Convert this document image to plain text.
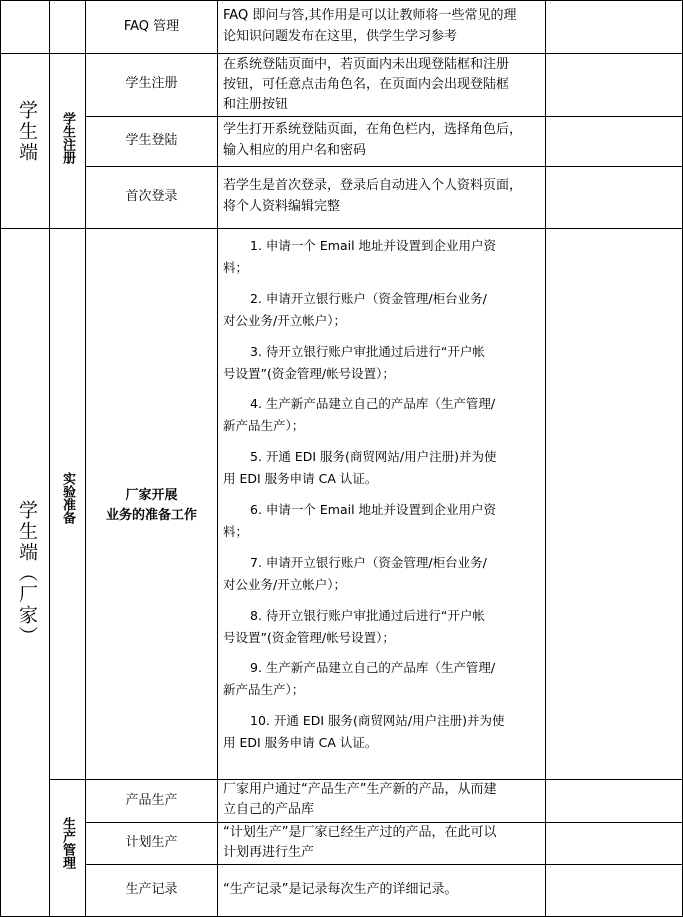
FAQ 管理
FAQ 即问与答,其作用是可以让教师将一些常见的理
论知识问题发布在这里，供学生学习参考
学生端 学生注册
学生注册
在系统登陆页面中，若页面内未出现登陆框和注册
按钮，可任意点击角色名，在页面内会出现登陆框
和注册按钮
学生登陆
学生打开系统登陆页面，在角色栏内，选择角色后，
输入相应的用户名和密码
首次登录
若学生是首次登录，登录后自动进入个人资料页面，
将个人资料编辑完整
学生端（厂家）
实验准备
生产管理
厂家开展
业务的准备工作
1. 申请一个 Email 地址并设置到企业用户资
料；
2. 申请开立银行账户（资金管理/柜台业务/
对公业务/开立帐户）；
3. 待开立银行账户审批通过后进行“开户帐
号设置”(资金管理/帐号设置）；
4. 生产新产品建立自己的产品库（生产管理/
新产品生产）；
5. 开通 EDI 服务(商贸网站/用户注册)并为使
用 EDI 服务申请 CA 认证。
6. 申请一个 Email 地址并设置到企业用户资
料；
7. 申请开立银行账户（资金管理/柜台业务/
对公业务/开立帐户）；
8. 待开立银行账户审批通过后进行“开户帐
号设置”(资金管理/帐号设置）；
9. 生产新产品建立自己的产品库（生产管理/
新产品生产）；
10. 开通 EDI 服务(商贸网站/用户注册)并为使
用 EDI 服务申请 CA 认证。
产品生产
厂家用户通过“产品生产”生产新的产品，从而建
立自己的产品库
计划生产
“计划生产”是厂家已经生产过的产品，在此可以
计划再进行生产
生产记录	“生产记录”是记录每次生产的详细记录。
